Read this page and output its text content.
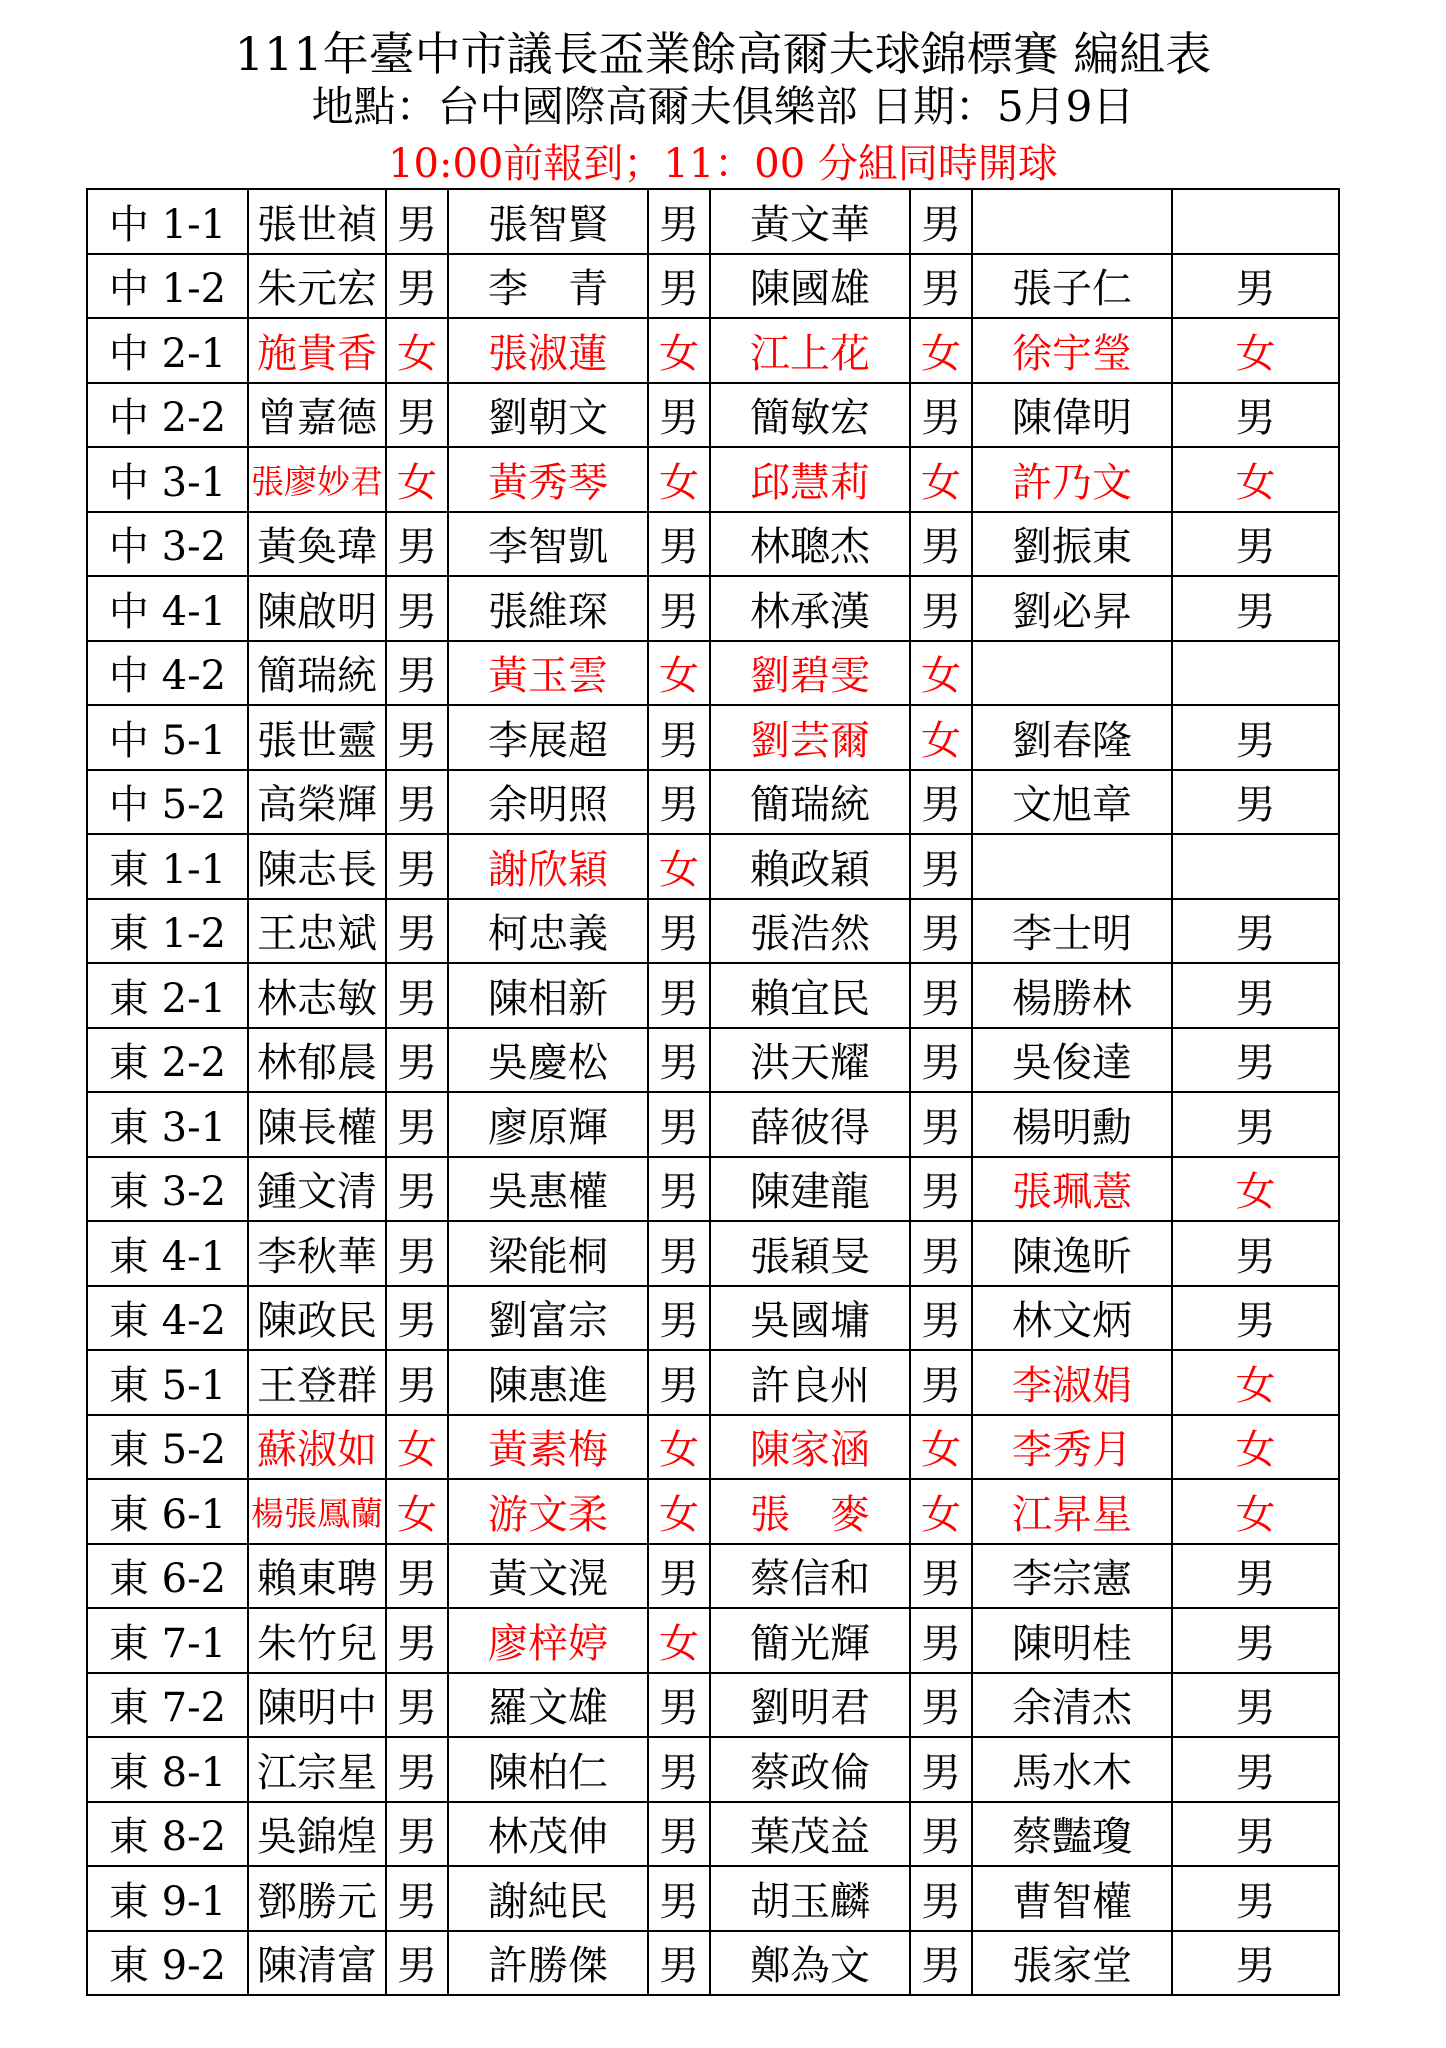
111年臺中市議長盃業餘高爾夫球錦標賽 編組表
地點：台中國際高爾夫俱樂部 日期：5月9日
10:00前報到；11：00 分組同時開球
中 1-1	張世禎	男	張智賢	男	黃文華	男		
中 1-2	朱元宏	男	李　青	男	陳國雄	男	張子仁	男
中 2-1	施貴香	女	張淑蓮	女	江上花	女	徐宇瑩	女
中 2-2	曾嘉德	男	劉朝文	男	簡敏宏	男	陳偉明	男
中 3-1	張廖妙君	女	黃秀琴	女	邱慧莉	女	許乃文	女
中 3-2	黃奐瑋	男	李智凱	男	林聰杰	男	劉振東	男
中 4-1	陳啟明	男	張維琛	男	林承漢	男	劉必昇	男
中 4-2	簡瑞統	男	黃玉雲	女	劉碧雯	女		
中 5-1	張世靈	男	李展超	男	劉芸爾	女	劉春隆	男
中 5-2	高榮輝	男	余明照	男	簡瑞統	男	文旭章	男
東 1-1	陳志長	男	謝欣穎	女	賴政穎	男		
東 1-2	王忠斌	男	柯忠義	男	張浩然	男	李士明	男
東 2-1	林志敏	男	陳相新	男	賴宜民	男	楊勝林	男
東 2-2	林郁晨	男	吳慶松	男	洪天耀	男	吳俊達	男
東 3-1	陳長權	男	廖原輝	男	薛彼得	男	楊明勳	男
東 3-2	鍾文清	男	吳惠權	男	陳建龍	男	張珮薏	女
東 4-1	李秋華	男	梁能桐	男	張穎旻	男	陳逸昕	男
東 4-2	陳政民	男	劉富宗	男	吳國墉	男	林文炳	男
東 5-1	王登群	男	陳惠進	男	許良州	男	李淑娟	女
東 5-2	蘇淑如	女	黃素梅	女	陳家涵	女	李秀月	女
東 6-1	楊張鳳蘭	女	游文柔	女	張　麥	女	江昇星	女
東 6-2	賴東聘	男	黃文滉	男	蔡信和	男	李宗憲	男
東 7-1	朱竹兒	男	廖梓婷	女	簡光輝	男	陳明桂	男
東 7-2	陳明中	男	羅文雄	男	劉明君	男	余清杰	男
東 8-1	江宗星	男	陳柏仁	男	蔡政倫	男	馬水木	男
東 8-2	吳錦煌	男	林茂伸	男	葉茂益	男	蔡豔瓊	男
東 9-1	鄧勝元	男	謝純民	男	胡玉麟	男	曹智權	男
東 9-2	陳清富	男	許勝傑	男	鄭為文	男	張家堂	男
